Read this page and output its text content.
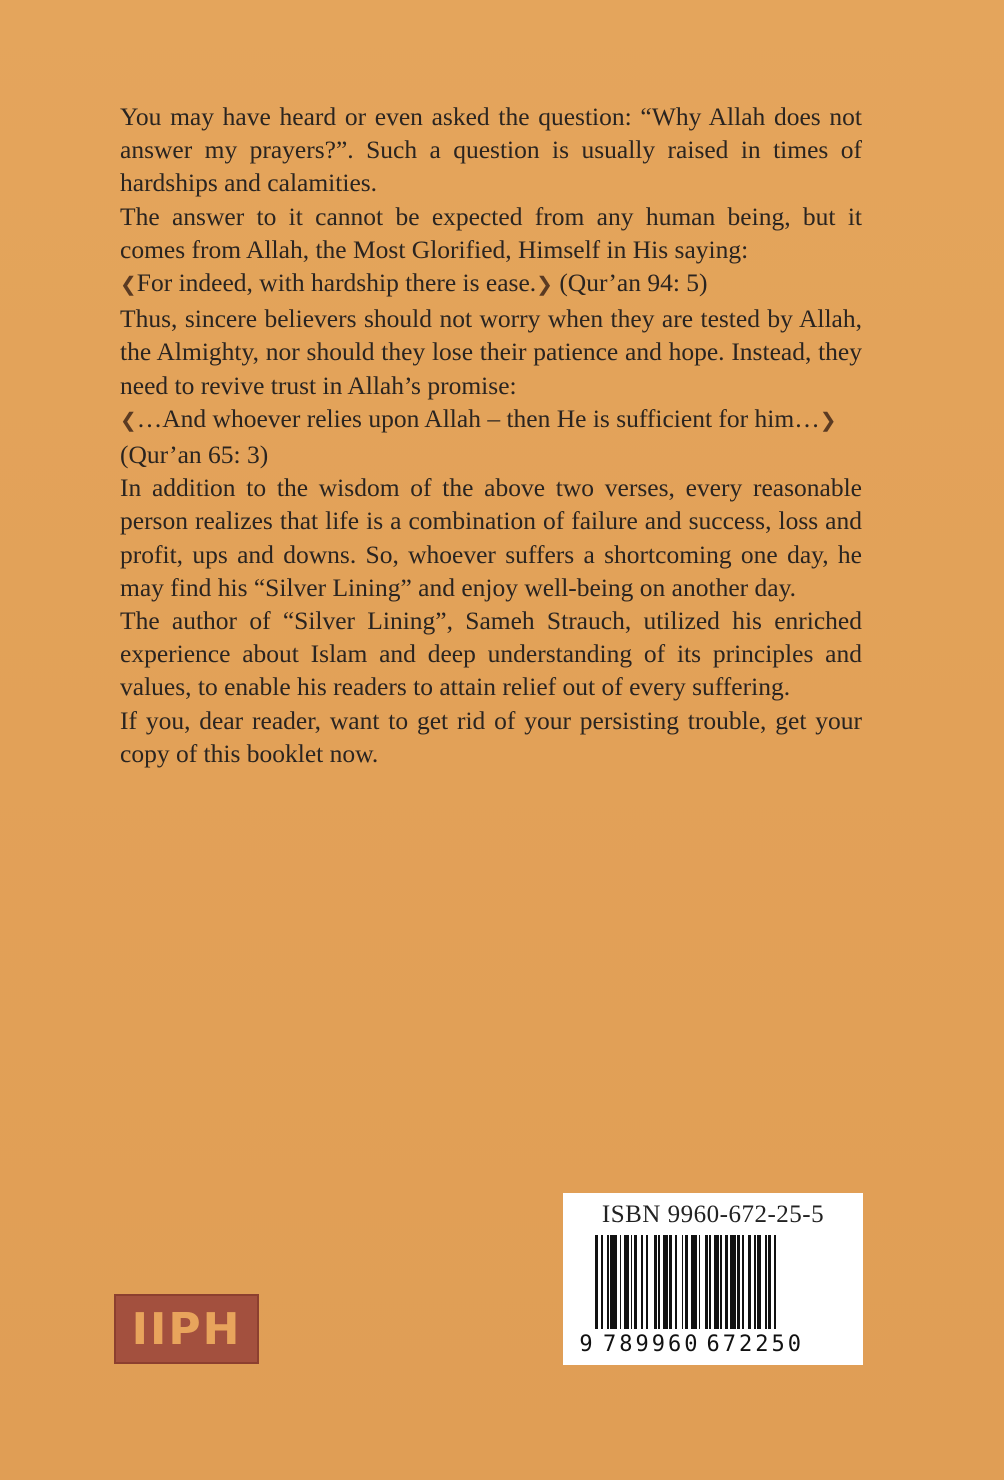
You may have heard or even asked the question: “Why Allah does not answer my prayers?”. Such a question is usually raised in times of hardships and calamities.

The answer to it cannot be expected from any human being, but it comes from Allah, the Most Glorified, Himself in His saying:

❮For indeed, with hardship there is ease.❯ (Qur’an 94: 5)

Thus, sincere believers should not worry when they are tested by Allah, the Almighty, nor should they lose their patience and hope. Instead, they need to revive trust in Allah’s promise:

❮…And whoever relies upon Allah – then He is sufficient for him…❯

(Qur’an 65: 3)

In addition to the wisdom of the above two verses, every reasonable person realizes that life is a combination of failure and success, loss and profit, ups and downs. So, whoever suffers a shortcoming one day, he may find his “Silver Lining” and enjoy well-being on another day.

The author of “Silver Lining”, Sameh Strauch, utilized his enriched experience about Islam and deep understanding of its principles and values, to enable his readers to attain relief out of every suffering.

If you, dear reader, want to get rid of your persisting trouble, get your copy of this booklet now.

IIPH
ISBN 9960-672-25-5
9 789960 672250
